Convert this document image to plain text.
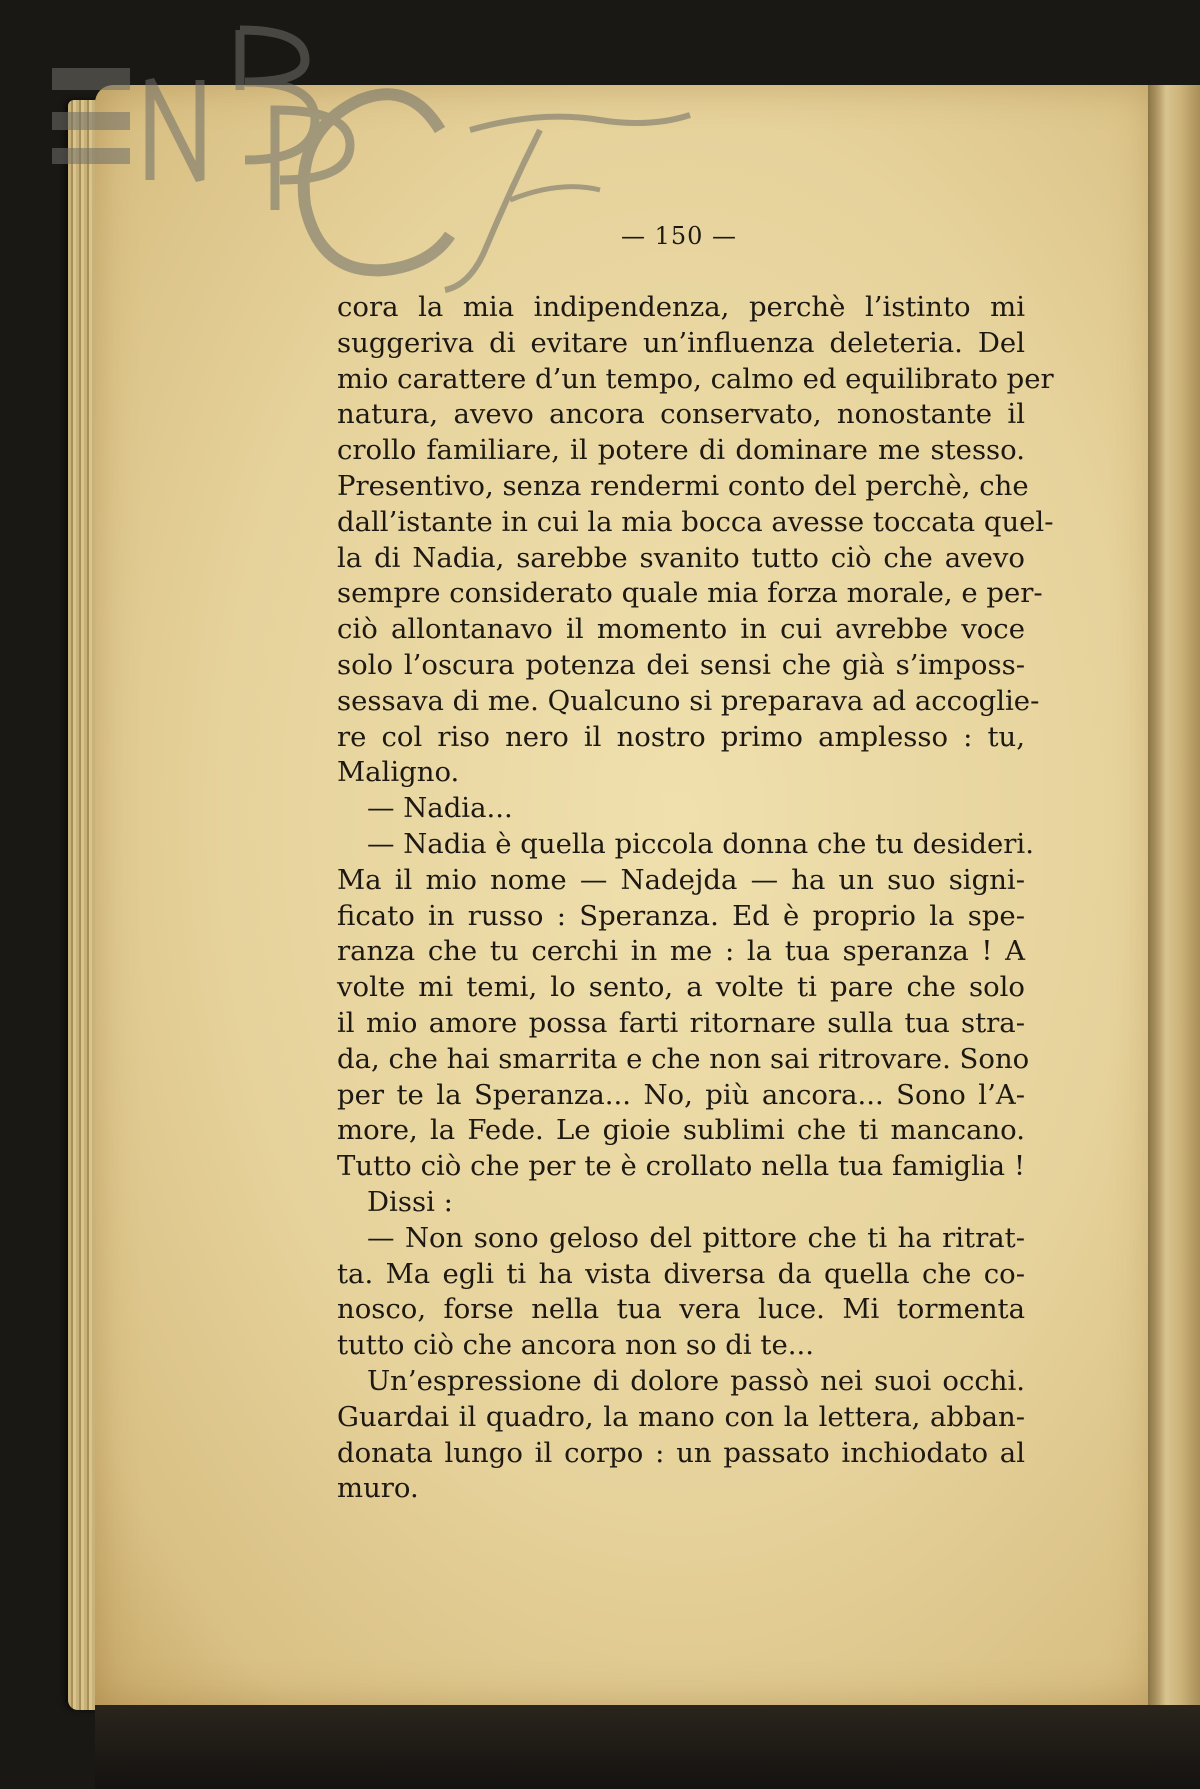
— 150 —
cora la mia indipendenza, perchè l’istinto mi
suggeriva di evitare un’influenza deleteria. Del
mio carattere d’un tempo, calmo ed equilibrato per
natura, avevo ancora conservato, nonostante il
crollo familiare, il potere di dominare me stesso.
Presentivo, senza rendermi conto del perchè, che
dall’istante in cui la mia bocca avesse toccata quel-
la di Nadia, sarebbe svanito tutto ciò che avevo
sempre considerato quale mia forza morale, e per-
ciò allontanavo il momento in cui avrebbe voce
solo l’oscura potenza dei sensi che già s’imposs-
sessava di me. Qualcuno si preparava ad accoglie-
re col riso nero il nostro primo amplesso : tu,
Maligno.
— Nadia...
— Nadia è quella piccola donna che tu desideri.
Ma il mio nome — Nadejda — ha un suo signi-
ficato in russo : Speranza. Ed è proprio la spe-
ranza che tu cerchi in me : la tua speranza ! A
volte mi temi, lo sento, a volte ti pare che solo
il mio amore possa farti ritornare sulla tua stra-
da, che hai smarrita e che non sai ritrovare. Sono
per te la Speranza... No, più ancora... Sono l’A-
more, la Fede. Le gioie sublimi che ti mancano.
Tutto ciò che per te è crollato nella tua famiglia !
Dissi :
— Non sono geloso del pittore che ti ha ritrat-
ta. Ma egli ti ha vista diversa da quella che co-
nosco, forse nella tua vera luce. Mi tormenta
tutto ciò che ancora non so di te...
Un’espressione di dolore passò nei suoi occhi.
Guardai il quadro, la mano con la lettera, abban-
donata lungo il corpo : un passato inchiodato al
muro.
